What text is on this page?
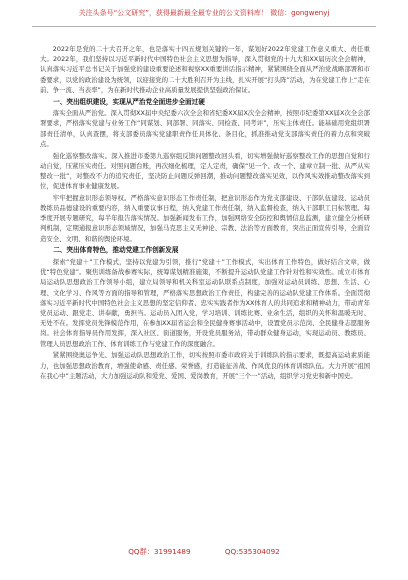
关注头条号“公文研究”，获得最新最全最专业的公文资料库！ 微信：gongwenyj

2022年是党的二十大召开之年，也是落实十四五规划关键的一年，谋划好2022年党建工作意义重大、责任重大。2022年，我们坚持以习近平新时代中国特色社会主义思想为指导，深入贯彻党的十九大和XX届历次全会精神，认真落实习近平总书记关于加强党的建设重要论述和视察XX重要讲话指示精神，紧紧围绕全面从严治党战略部署和市委要求，以党的政治建设为统领，以迎接党的二十大胜利召开为主线，扎实开展“打头阵”活动，为在党建工作上“走在前、争一流、当表率”，为在新时代推动企业高质量发展提供坚强政治保证。

一、突出组织建设，实现从严治党全面进步全面过硬

落实全面从严治党。深入贯彻XX届中央纪委六次全会和省纪委XX届X次全会精神，按照市纪委第XX届X次全会部署要求，严格落实党建与业务工作“同谋划、同部署、同落实、同检查、同考评”，压实主体责任。能基础用党组织署部责任清单，认真查摆，将支部委员落实党建职责作任具体化、条目化，抓准推动党支部落实责任的着力点和突破点。

强化巡察整改落实。深入推进市委第九巡察组反馈问题整改回头看，切实增强做好巡察整改工作的思想自觉和行动自觉，压紧压实责任。对照问题台账，再次细化梳理，定人定责，确保“见一个、改一个、建章立制一批、从严从实整改一批”，对整改不力的追究责任，坚决防止问题反弹回潮，推动问题整改落实见效，以作风实效推动整改落实到位，促进体育事业健康发展。

牢牢把握意识形态领导权。严格落实意识形态工作责任制，把意识形态作为党支部建设、干部队伍建设、运动员教练员品德建设的重要内容，纳入重要议事日程，纳入党建工作责任制，纳入监督检查，纳入干部职工目标管理。每季度开展专题研究，每半年报告落实情况。加强新闻发布工作，加强网络安全防控和舆情信息监测，建立健全分析研判机制，定期通报意识形态领域情况，加强马克思主义无神论、宗教、法治等方面教育，突出正面宣传引导，全面营造安全、文明、和谐的舆论环境。

二、突出体育特色，推动党建工作创新发展

探索“党建＋”工作模式，坚持以党建为引领，推行“党建＋”工作模式，实出体育工作特色，做好结合文章，做优“特色党建”。聚焦训练备战参赛实际，统筹谋划精准施策，不断提升运动队党建工作针对性和实效性。成立市体育局运动队思想政治工作领导小组，建立局领导和机关科室运动队联系点制度，加强对运动员训练、思想、生活、心理、文化学习、作风等方面的指导和管理，严格落实思想政治工作责任，构建完善的运动队党建工作体系。全面贯彻落实习近平新时代中国特色社会主义思想的坚定信仰者、忠实实践者作为XX体育人的共同追求和精神动力，带动青年党员运动、跟党走、讲奉献，勇担当。运动员入团入党，学习培训、训练比赛、业余生活，组织的关怀和温暖无时、无处不在。发挥党员先锋模范作用，在参加XX届省运会和全民健身赛事活动中，设置党员示范岗、全民健身志愿服务岗。社会体育指导员作用发挥，深入社区、街道服务，开设党员服务站，带动群众健身运动，实现运动员、教练员、管理人员思想政治工作、体育训练工作与党建工作的深度融合。

紧紧围绕奥运争光、加强运动队思想政治工作，切实按照市委市政府关于训练队的指示要求，既提高运动素质能力，也加强思想政治教育，增强使命感、责任感、荣誉感，打造能征善战、作风优良的体育训练队伍。大力开展“祖国在我心中”主题活动，大力加强运动队和爱党、爱国、爱岗教育，开展“三个一”活动，组织学习党史和新中国史。

QQ群：31991489	QQ:535304092
